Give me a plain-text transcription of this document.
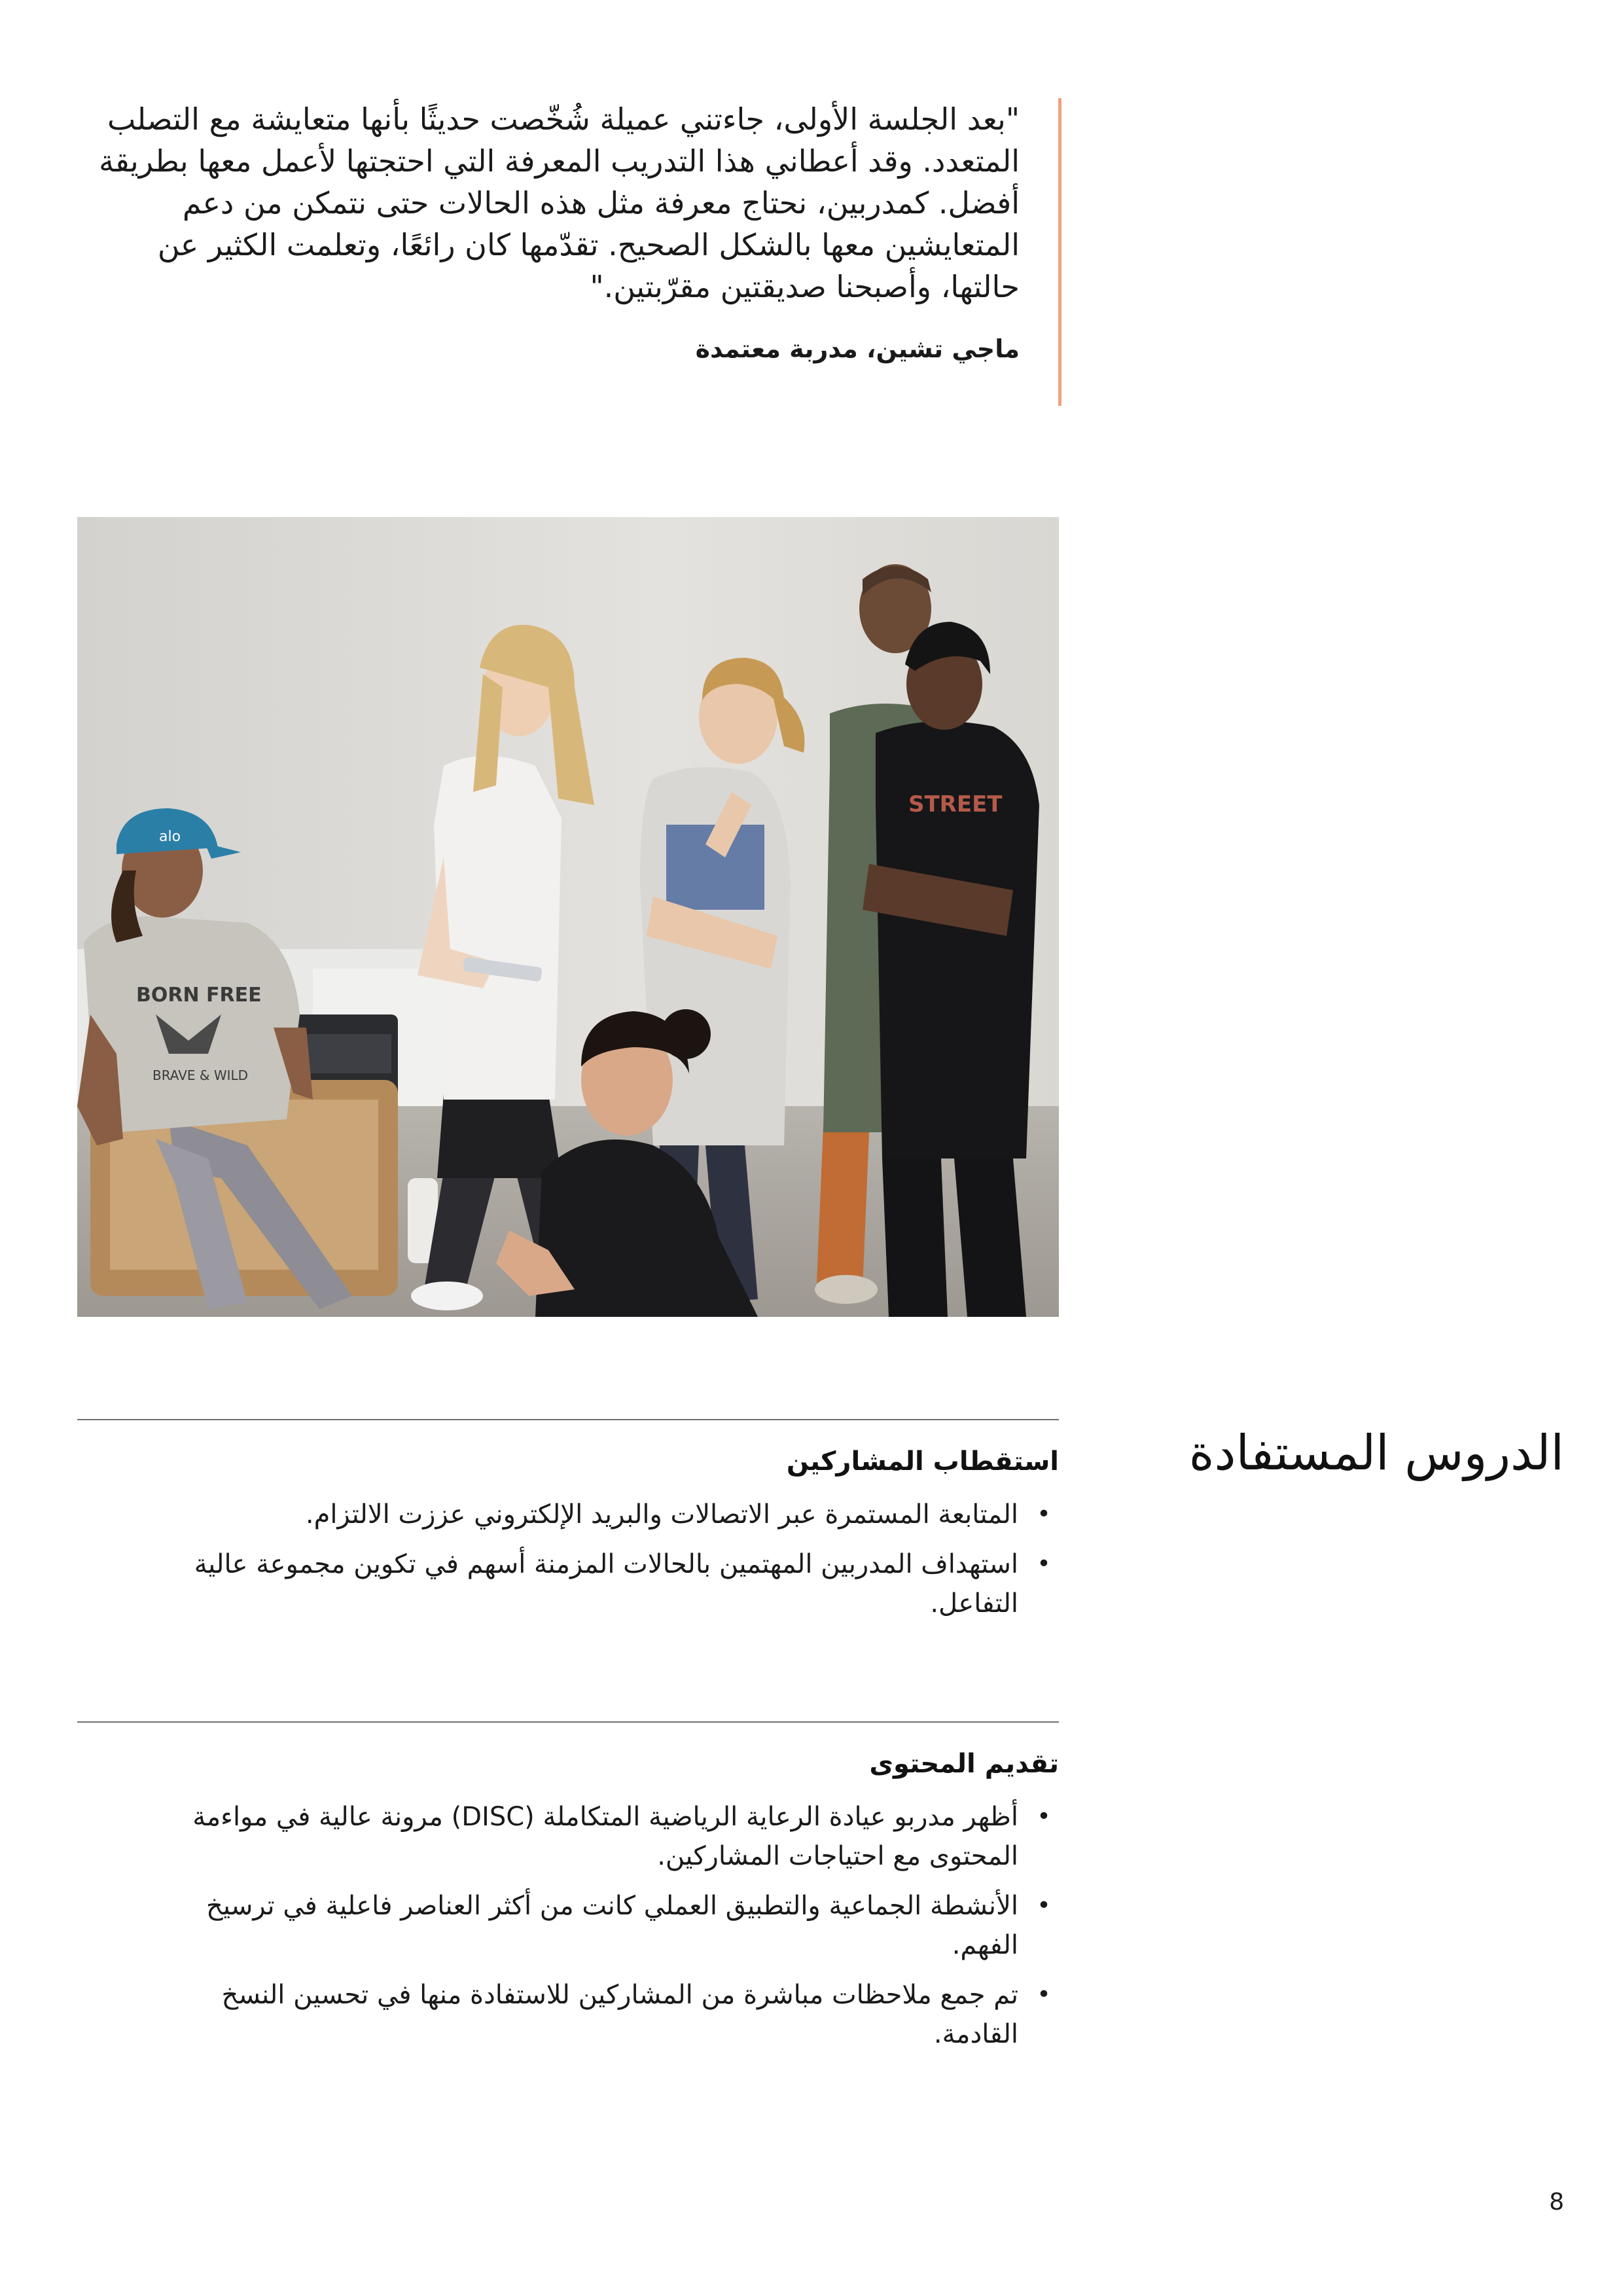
"بعد الجلسة الأولى، جاءتني عميلة شُخّصت حديثًا بأنها متعايشة مع التصلب المتعدد. وقد أعطاني هذا التدريب المعرفة التي احتجتها لأعمل معها بطريقة أفضل. كمدربين، نحتاج معرفة مثل هذه الحالات حتى نتمكن من دعم المتعايشين معها بالشكل الصحيح. تقدّمها كان رائعًا، وتعلمت الكثير عن حالتها، وأصبحنا صديقتين مقرّبتين."

ماجي تشين، مدربة معتمدة

alo
BORN FREE
BRAVE & WILD
STREET
الدروس المستفادة
استقطاب المشاركين
•
المتابعة المستمرة عبر الاتصالات والبريد الإلكتروني عززت الالتزام.
•
استهداف المدربين المهتمين بالحالات المزمنة أسهم في تكوين مجموعة عالية التفاعل.
تقديم المحتوى
•
أظهر مدربو عيادة الرعاية الرياضية المتكاملة (DISC) مرونة عالية في مواءمة المحتوى مع احتياجات المشاركين.
•
الأنشطة الجماعية والتطبيق العملي كانت من أكثر العناصر فاعلية في ترسيخ الفهم.
•
تم جمع ملاحظات مباشرة من المشاركين للاستفادة منها في تحسين النسخ القادمة.
8
